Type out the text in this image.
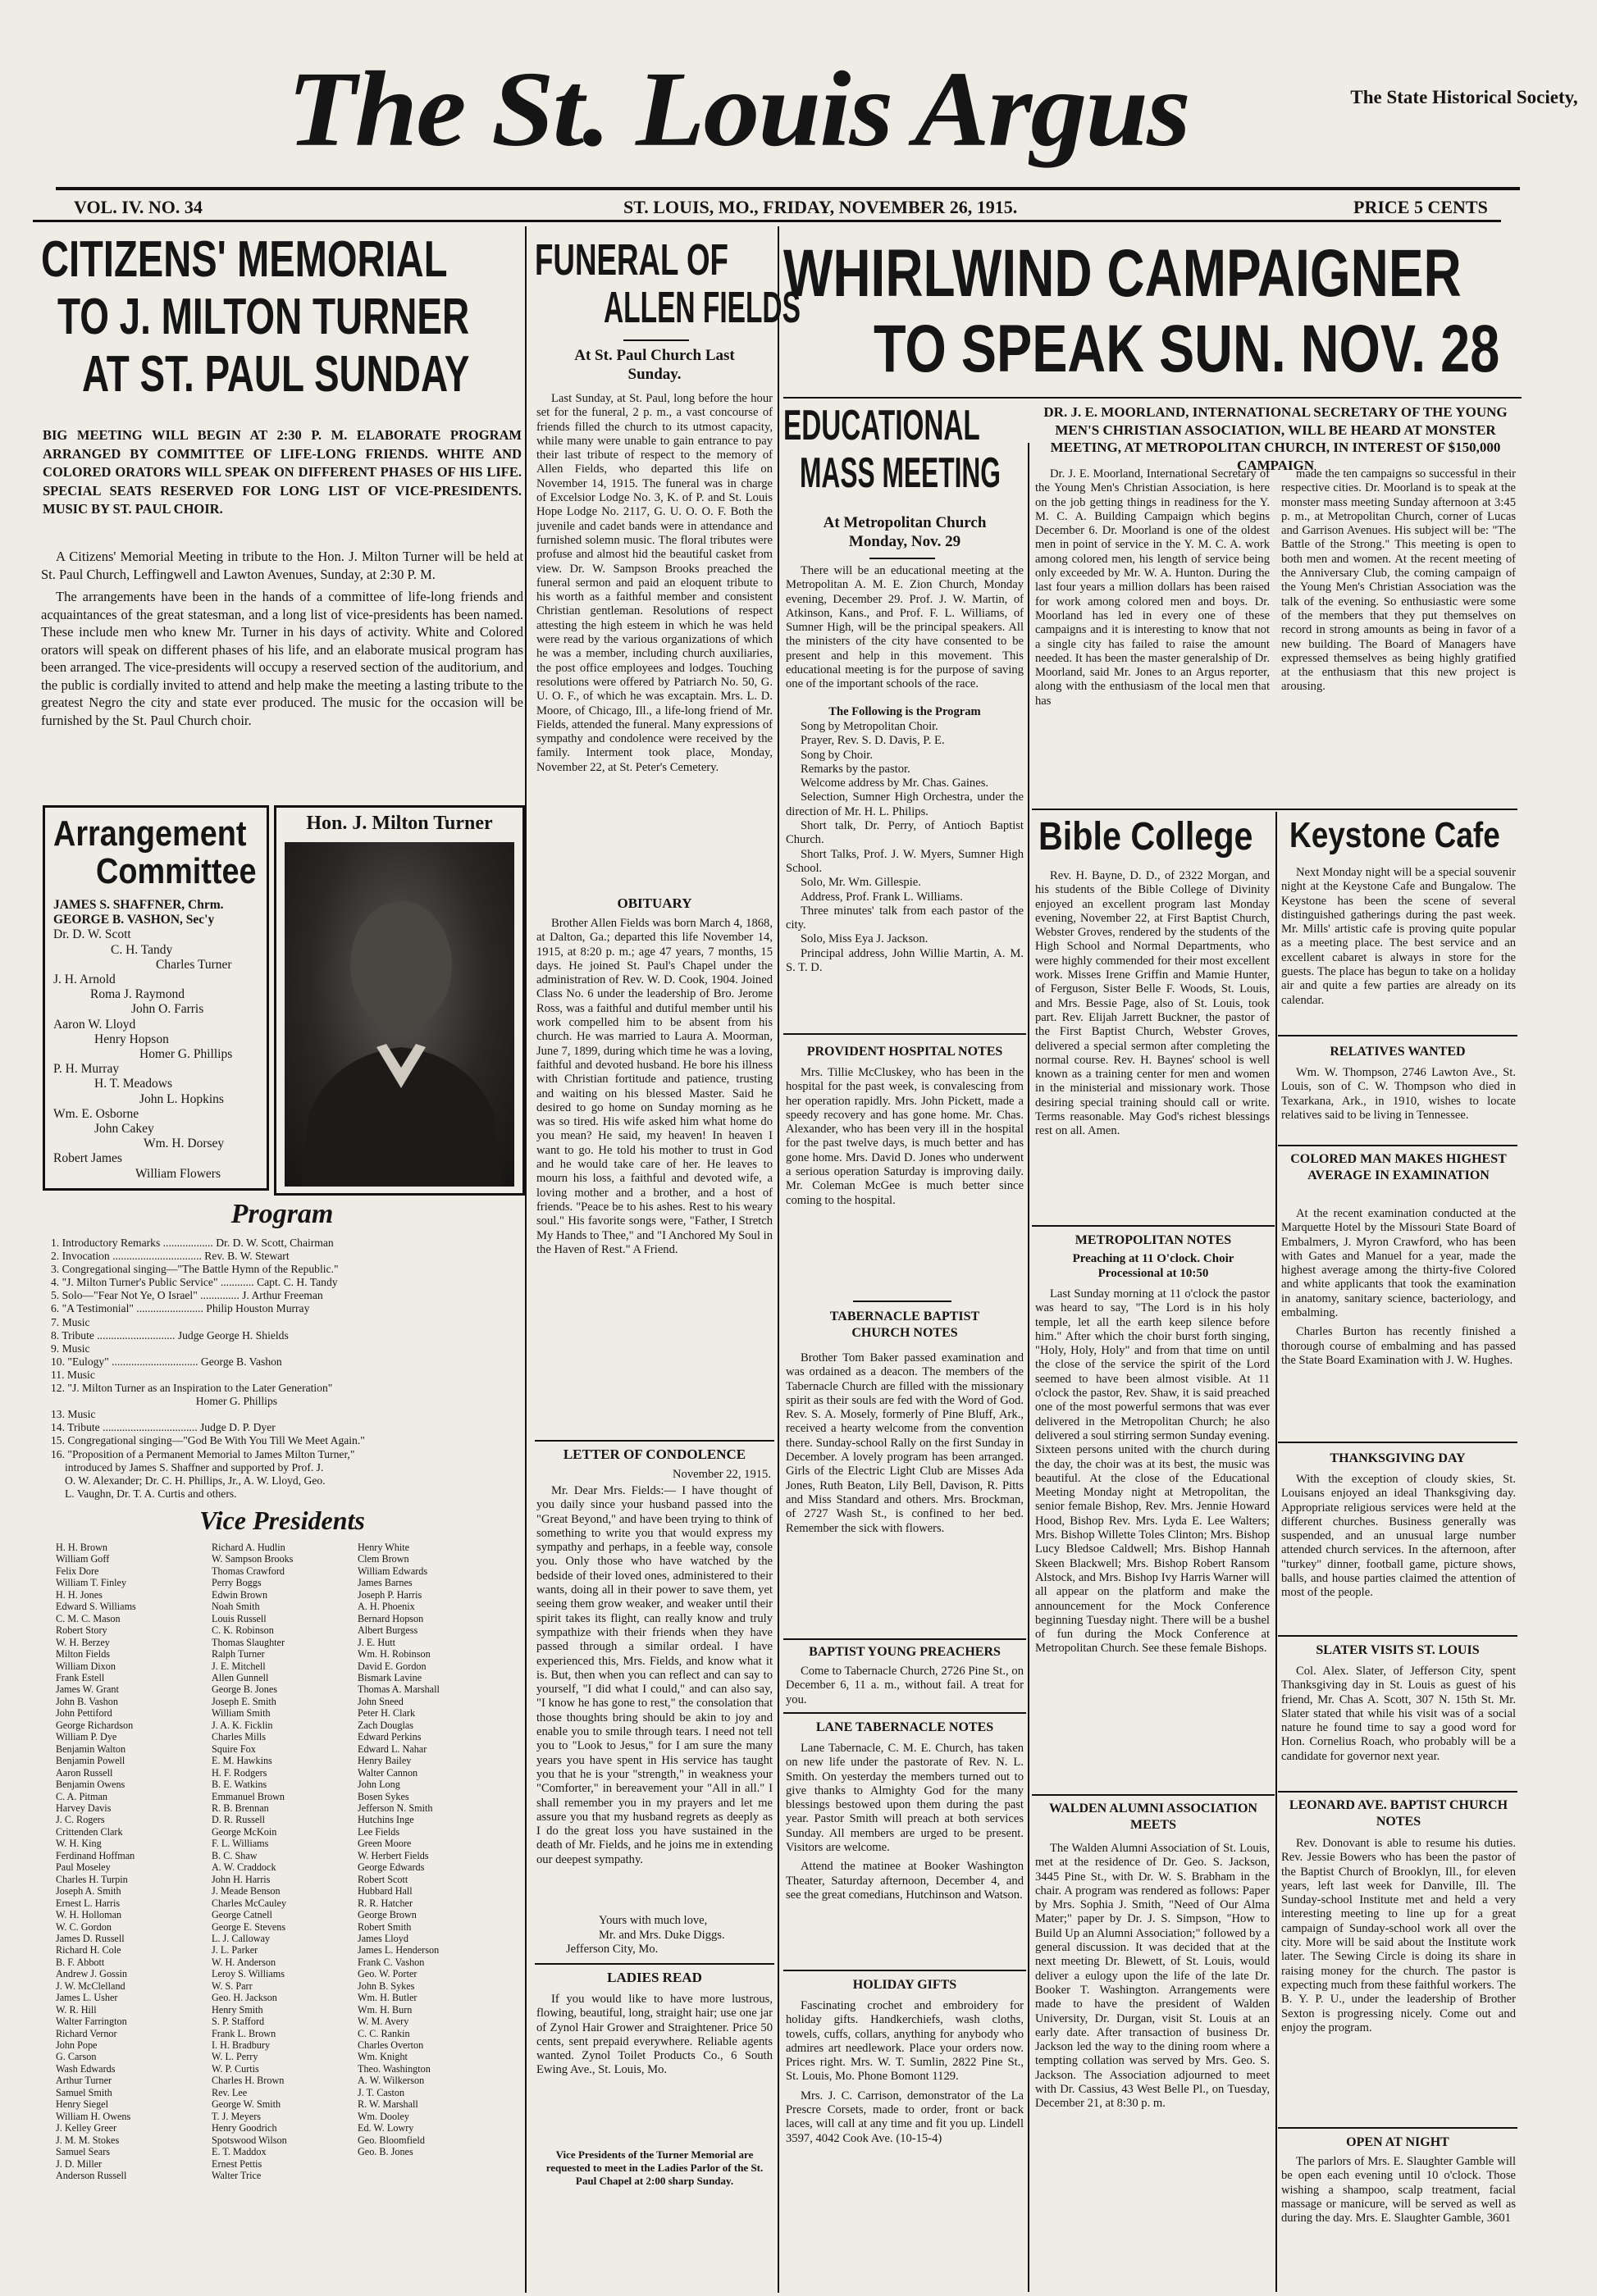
The St. Louis Argus	The State Historical Society,
VOL. IV. NO. 34	ST. LOUIS, MO., FRIDAY, NOVEMBER 26, 1915.	PRICE 5 CENTS
CITIZENS' MEMORIAL
TO J. MILTON TURNER
AT ST. PAUL SUNDAY
BIG MEETING WILL BEGIN AT 2:30 P. M. ELABORATE PROGRAM ARRANGED BY COMMITTEE OF LIFE-LONG FRIENDS. WHITE AND COLORED ORATORS WILL SPEAK ON DIFFERENT PHASES OF HIS LIFE. SPECIAL SEATS RESERVED FOR LONG LIST OF VICE-PRESIDENTS. MUSIC BY ST. PAUL CHOIR.

A Citizens' Memorial Meeting in tribute to the Hon. J. Milton Turner will be held at St. Paul Church, Leffingwell and Lawton Avenues, Sunday, at 2:30 P. M.

The arrangements have been in the hands of a committee of life-long friends and acquaintances of the great statesman, and a long list of vice-presidents has been named. These include men who knew Mr. Turner in his days of activity. White and Colored orators will speak on different phases of his life, and an elaborate musical program has been arranged. The vice-presidents will occupy a reserved section of the auditorium, and the public is cordially invited to attend and help make the meeting a lasting tribute to the greatest Negro the city and state ever produced. The music for the occasion will be furnished by the St. Paul Church choir.

Arrangement
Committee
JAMES S. SHAFFNER, Chrm.
GEORGE B. VASHON, Sec'y
Dr. D. W. Scott
C. H. Tandy
Charles Turner
J. H. Arnold
Roma J. Raymond
John O. Farris
Aaron W. Lloyd
Henry Hopson
Homer G. Phillips
P. H. Murray
H. T. Meadows
John L. Hopkins
Wm. E. Osborne
John Cakey
Wm. H. Dorsey
Robert James
William Flowers
Hon. J. Milton Turner
Program
1. Introductory Remarks .................. Dr. D. W. Scott, Chairman
2. Invocation ................................ Rev. B. W. Stewart
3. Congregational singing—"The Battle Hymn of the Republic."
4. "J. Milton Turner's Public Service" ............ Capt. C. H. Tandy
5. Solo—"Fear Not Ye, O Israel" .............. J. Arthur Freeman
6. "A Testimonial" ........................ Philip Houston Murray
7. Music
8. Tribute ............................ Judge George H. Shields
9. Music
10. "Eulogy" ............................... George B. Vashon
11. Music
12. "J. Milton Turner as an Inspiration to the Later Generation"
Homer G. Phillips
13. Music
14. Tribute .................................. Judge D. P. Dyer
15. Congregational singing—"God Be With You Till We Meet Again."
16. "Proposition of a Permanent Memorial to James Milton Turner,"
introduced by James S. Shaffner and supported by Prof. J.
O. W. Alexander; Dr. C. H. Phillips, Jr., A. W. Lloyd, Geo.
L. Vaughn, Dr. T. A. Curtis and others.
Vice Presidents
H. H. Brown
William Goff
Felix Dore
William T. Finley
H. H. Jones
Edward S. Williams
C. M. C. Mason
Robert Story
W. H. Berzey
Milton Fields
William Dixon
Frank Estell
James W. Grant
John B. Vashon
John Pettiford
George Richardson
William P. Dye
Benjamin Walton
Benjamin Powell
Aaron Russell
Benjamin Owens
C. A. Pitman
Harvey Davis
J. C. Rogers
Crittenden Clark
W. H. King
Ferdinand Hoffman
Paul Moseley
Charles H. Turpin
Joseph A. Smith
Ernest L. Harris
W. H. Holloman
W. C. Gordon
James D. Russell
Richard H. Cole
B. F. Abbott
Andrew J. Gossin
J. W. McClelland
James L. Usher
W. R. Hill
Walter Farrington
Richard Vernor
John Pope
G. Carson
Wash Edwards
Arthur Turner
Samuel Smith
Henry Siegel
William H. Owens
J. Kelley Greer
J. M. M. Stokes
Samuel Sears
J. D. Miller
Anderson Russell
Richard A. Hudlin
W. Sampson Brooks
Thomas Crawford
Perry Boggs
Edwin Brown
Noah Smith
Louis Russell
C. K. Robinson
Thomas Slaughter
Ralph Turner
J. E. Mitchell
Allen Gunnell
George B. Jones
Joseph E. Smith
William Smith
J. A. K. Ficklin
Charles Mills
Squire Fox
E. M. Hawkins
H. F. Rodgers
B. E. Watkins
Emmanuel Brown
R. B. Brennan
D. R. Russell
George McKoin
F. L. Williams
B. C. Shaw
A. W. Craddock
John H. Harris
J. Meade Benson
Charles McCauley
George Catnell
George E. Stevens
L. J. Calloway
J. L. Parker
W. H. Anderson
Leroy S. Williams
W. S. Parr
Geo. H. Jackson
Henry Smith
S. P. Stafford
Frank L. Brown
I. H. Bradbury
W. L. Perry
W. P. Curtis
Charles H. Brown
Rev. Lee
George W. Smith
T. J. Meyers
Henry Goodrich
Spotswood Wilson
E. T. Maddox
Ernest Pettis
Walter Trice
Henry White
Clem Brown
William Edwards
James Barnes
Joseph P. Harris
A. H. Phoenix
Bernard Hopson
Albert Burgess
J. E. Hutt
Wm. H. Robinson
David E. Gordon
Bismark Lavine
Thomas A. Marshall
John Sneed
Peter H. Clark
Zach Douglas
Edward Perkins
Edward L. Nahar
Henry Bailey
Walter Cannon
John Long
Bosen Sykes
Jefferson N. Smith
Hutchins Inge
Lee Fields
Green Moore
W. Herbert Fields
George Edwards
Robert Scott
Hubbard Hall
R. R. Hatcher
George Brown
Robert Smith
James Lloyd
James L. Henderson
Frank C. Vashon
Geo. W. Porter
John B. Sykes
Wm. H. Butler
Wm. H. Burn
W. M. Avery
C. C. Rankin
Charles Overton
Wm. Knight
Theo. Washington
A. W. Wilkerson
J. T. Caston
R. W. Marshall
Wm. Dooley
Ed. W. Lowry
Geo. Bloomfield
Geo. B. Jones
FUNERAL OF
ALLEN FIELDS
At St. Paul Church Last
Sunday.

Last Sunday, at St. Paul, long before the hour set for the funeral, 2 p. m., a vast concourse of friends filled the church to its utmost capacity, while many were unable to gain entrance to pay their last tribute of respect to the memory of Allen Fields, who departed this life on November 14, 1915. The funeral was in charge of Excelsior Lodge No. 3, K. of P. and St. Louis Hope Lodge No. 2117, G. U. O. O. F. Both the juvenile and cadet bands were in attendance and furnished solemn music. The floral tributes were profuse and almost hid the beautiful casket from view. Dr. W. Sampson Brooks preached the funeral sermon and paid an eloquent tribute to his worth as a faithful member and consistent Christian gentleman. Resolutions of respect attesting the high esteem in which he was held were read by the various organizations of which he was a member, including church auxiliaries, the post office employees and lodges. Touching resolutions were offered by Patriarch No. 50, G. U. O. F., of which he was excaptain. Mrs. L. D. Moore, of Chicago, Ill., a life-long friend of Mr. Fields, attended the funeral. Many expressions of sympathy and condolence were received by the family. Interment took place, Monday, November 22, at St. Peter's Cemetery.

OBITUARY

Brother Allen Fields was born March 4, 1868, at Dalton, Ga.; departed this life November 14, 1915, at 8:20 p. m.; age 47 years, 7 months, 15 days. He joined St. Paul's Chapel under the administration of Rev. W. D. Cook, 1904. Joined Class No. 6 under the leadership of Bro. Jerome Ross, was a faithful and dutiful member until his work compelled him to be absent from his church. He was married to Laura A. Moorman, June 7, 1899, during which time he was a loving, faithful and devoted husband. He bore his illness with Christian fortitude and patience, trusting and waiting on his blessed Master. Said he desired to go home on Sunday morning as he was so tired. His wife asked him what home do you mean? He said, my heaven! In heaven I want to go. He told his mother to trust in God and he would take care of her. He leaves to mourn his loss, a faithful and devoted wife, a loving mother and a brother, and a host of friends. "Peace be to his ashes. Rest to his weary soul." His favorite songs were, "Father, I Stretch My Hands to Thee," and "I Anchored My Soul in the Haven of Rest." A Friend.

LETTER OF CONDOLENCE
November 22, 1915.

Mr. Dear Mrs. Fields:— I have thought of you daily since your husband passed into the "Great Beyond," and have been trying to think of something to write you that would express my sympathy and perhaps, in a feeble way, console you. Only those who have watched by the bedside of their loved ones, administered to their wants, doing all in their power to save them, yet seeing them grow weaker, and weaker until their spirit takes its flight, can really know and truly sympathize with their friends when they have passed through a similar ordeal. I have experienced this, Mrs. Fields, and know what it is. But, then when you can reflect and can say to yourself, "I did what I could," and can also say, "I know he has gone to rest," the consolation that those thoughts bring should be akin to joy and enable you to smile through tears. I need not tell you to "Look to Jesus," for I am sure the many years you have spent in His service has taught you that he is your "strength," in weakness your "Comforter," in bereavement your "All in all." I shall remember you in my prayers and let me assure you that my husband regrets as deeply as I do the great loss you have sustained in the death of Mr. Fields, and he joins me in extending our deepest sympathy.

Yours with much love,
Mr. and Mrs. Duke Diggs.
Jefferson City, Mo.
LADIES READ

If you would like to have more lustrous, flowing, beautiful, long, straight hair; use one jar of Zynol Hair Grower and Straightener. Price 50 cents, sent prepaid everywhere. Reliable agents wanted. Zynol Toilet Products Co., 6 South Ewing Ave., St. Louis, Mo.

Vice Presidents of the Turner Memorial are requested to meet in the Ladies Parlor of the St. Paul Chapel at 2:00 sharp Sunday.

WHIRLWIND CAMPAIGNER
TO SPEAK SUN. NOV. 28
EDUCATIONAL
MASS MEETING
At Metropolitan Church
Monday, Nov. 29

There will be an educational meeting at the Metropolitan A. M. E. Zion Church, Monday evening, December 29. Prof. J. W. Martin, of Atkinson, Kans., and Prof. F. L. Williams, of Sumner High, will be the principal speakers. All the ministers of the city have consented to be present and help in this movement. This educational meeting is for the purpose of saving one of the important schools of the race.

The Following is the Program

Song by Metropolitan Choir.

Prayer, Rev. S. D. Davis, P. E.

Song by Choir.

Remarks by the pastor.

Welcome address by Mr. Chas. Gaines.

Selection, Sumner High Orchestra, under the direction of Mr. H. L. Philips.

Short talk, Dr. Perry, of Antioch Baptist Church.

Short Talks, Prof. J. W. Myers, Sumner High School.

Solo, Mr. Wm. Gillespie.

Address, Prof. Frank L. Williams.

Three minutes' talk from each pastor of the city.

Solo, Miss Eya J. Jackson.

Principal address, John Willie Martin, A. M. S. T. D.

PROVIDENT HOSPITAL NOTES

Mrs. Tillie McCluskey, who has been in the hospital for the past week, is convalescing from her operation rapidly. Mrs. John Pickett, made a speedy recovery and has gone home. Mr. Chas. Alexander, who has been very ill in the hospital for the past twelve days, is much better and has gone home. Mrs. David D. Jones who underwent a serious operation Saturday is improving daily. Mr. Coleman McGee is much better since coming to the hospital.

TABERNACLE BAPTIST CHURCH NOTES

Brother Tom Baker passed examination and was ordained as a deacon. The members of the Tabernacle Church are filled with the missionary spirit as their souls are fed with the Word of God. Rev. S. A. Mosely, formerly of Pine Bluff, Ark., received a hearty welcome from the convention there. Sunday-school Rally on the first Sunday in December. A lovely program has been arranged. Girls of the Electric Light Club are Misses Ada Jones, Ruth Beaton, Lily Bell, Davison, R. Pitts and Miss Standard and others. Mrs. Brockman, of 2727 Wash St., is confined to her bed. Remember the sick with flowers.

BAPTIST YOUNG PREACHERS

Come to Tabernacle Church, 2726 Pine St., on December 6, 11 a. m., without fail. A treat for you.

LANE TABERNACLE NOTES

Lane Tabernacle, C. M. E. Church, has taken on new life under the pastorate of Rev. N. L. Smith. On yesterday the members turned out to give thanks to Almighty God for the many blessings bestowed upon them during the past year. Pastor Smith will preach at both services Sunday. All members are urged to be present. Visitors are welcome.

Attend the matinee at Booker Washington Theater, Saturday afternoon, December 4, and see the great comedians, Hutchinson and Watson.

HOLIDAY GIFTS

Fascinating crochet and embroidery for holiday gifts. Handkerchiefs, wash cloths, towels, cuffs, collars, anything for anybody who admires art needlework. Place your orders now. Prices right. Mrs. W. T. Sumlin, 2822 Pine St., St. Louis, Mo. Phone Bomont 1129.

Mrs. J. C. Carrison, demonstrator of the La Prescre Corsets, made to order, front or back laces, will call at any time and fit you up. Lindell 3597, 4042 Cook Ave. (10-15-4)

DR. J. E. MOORLAND, INTERNATIONAL SECRETARY OF THE YOUNG MEN'S CHRISTIAN ASSOCIATION, WILL BE HEARD AT MONSTER MEETING, AT METROPOLITAN CHURCH, IN INTEREST OF $150,000 CAMPAIGN

Dr. J. E. Moorland, International Secretary of the Young Men's Christian Association, is here on the job getting things in readiness for the Y. M. C. A. Building Campaign which begins December 6. Dr. Moorland is one of the oldest men in point of service in the Y. M. C. A. work among colored men, his length of service being only exceeded by Mr. W. A. Hunton. During the last four years a million dollars has been raised for work among colored men and boys. Dr. Moorland has led in every one of these campaigns and it is interesting to know that not a single city has failed to raise the amount needed. It has been the master generalship of Dr. Moorland, said Mr. Jones to an Argus reporter, along with the enthusiasm of the local men that has

made the ten campaigns so successful in their respective cities. Dr. Moorland is to speak at the monster mass meeting Sunday afternoon at 3:45 p. m., at Metropolitan Church, corner of Lucas and Garrison Avenues. His subject will be: "The Battle of the Strong." This meeting is open to both men and women. At the recent meeting of the Anniversary Club, the coming campaign of the Young Men's Christian Association was the talk of the evening. So enthusiastic were some of the members that they put themselves on record in strong amounts as being in favor of a new building. The Board of Managers have expressed themselves as being highly gratified at the enthusiasm that this new project is arousing.

Bible College

Rev. H. Bayne, D. D., of 2322 Morgan, and his students of the Bible College of Divinity enjoyed an excellent program last Monday evening, November 22, at First Baptist Church, Webster Groves, rendered by the students of the High School and Normal Departments, who were highly commended for their most excellent work. Misses Irene Griffin and Mamie Hunter, of Ferguson, Sister Belle F. Woods, St. Louis, and Mrs. Bessie Page, also of St. Louis, took part. Rev. Elijah Jarrett Buckner, the pastor of the First Baptist Church, Webster Groves, delivered a special sermon after completing the normal course. Rev. H. Baynes' school is well known as a training center for men and women in the ministerial and missionary work. Those desiring special training should call or write. Terms reasonable. May God's richest blessings rest on all. Amen.

METROPOLITAN NOTES
Preaching at 11 O'clock. Choir Processional at 10:50

Last Sunday morning at 11 o'clock the pastor was heard to say, "The Lord is in his holy temple, let all the earth keep silence before him." After which the choir burst forth singing, "Holy, Holy, Holy" and from that time on until the close of the service the spirit of the Lord seemed to have been almost visible. At 11 o'clock the pastor, Rev. Shaw, it is said preached one of the most powerful sermons that was ever delivered in the Metropolitan Church; he also delivered a soul stirring sermon Sunday evening. Sixteen persons united with the church during the day, the choir was at its best, the music was beautiful. At the close of the Educational Meeting Monday night at Metropolitan, the senior female Bishop, Rev. Mrs. Jennie Howard Hood, Bishop Rev. Mrs. Lyda E. Lee Walters; Mrs. Bishop Willette Toles Clinton; Mrs. Bishop Lucy Bledsoe Caldwell; Mrs. Bishop Hannah Skeen Blackwell; Mrs. Bishop Robert Ransom Alstock, and Mrs. Bishop Ivy Harris Warner will all appear on the platform and make the announcement for the Mock Conference beginning Tuesday night. There will be a bushel of fun during the Mock Conference at Metropolitan Church. See these female Bishops.

WALDEN ALUMNI ASSOCIATION MEETS

The Walden Alumni Association of St. Louis, met at the residence of Dr. Geo. S. Jackson, 3445 Pine St., with Dr. W. S. Brabham in the chair. A program was rendered as follows: Paper by Mrs. Sophia J. Smith, "Need of Our Alma Mater;" paper by Dr. J. S. Simpson, "How to Build Up an Alumni Association;" followed by a general discussion. It was decided that at the next meeting Dr. Blewett, of St. Louis, would deliver a eulogy upon the life of the late Dr. Booker T. Washington. Arrangements were made to have the president of Walden University, Dr. Durgan, visit St. Louis at an early date. After transaction of business Dr. Jackson led the way to the dining room where a tempting collation was served by Mrs. Geo. S. Jackson. The Association adjourned to meet with Dr. Cassius, 43 West Belle Pl., on Tuesday, December 21, at 8:30 p. m.

Keystone Cafe

Next Monday night will be a special souvenir night at the Keystone Cafe and Bungalow. The Keystone has been the scene of several distinguished gatherings during the past week. Mr. Mills' artistic cafe is proving quite popular as a meeting place. The best service and an excellent cabaret is always in store for the guests. The place has begun to take on a holiday air and quite a few parties are already on its calendar.

RELATIVES WANTED

Wm. W. Thompson, 2746 Lawton Ave., St. Louis, son of C. W. Thompson who died in Texarkana, Ark., in 1910, wishes to locate relatives said to be living in Tennessee.

COLORED MAN MAKES HIGHEST AVERAGE IN EXAMINATION

At the recent examination conducted at the Marquette Hotel by the Missouri State Board of Embalmers, J. Myron Crawford, who has been with Gates and Manuel for a year, made the highest average among the thirty-five Colored and white applicants that took the examination in anatomy, sanitary science, bacteriology, and embalming.

Charles Burton has recently finished a thorough course of embalming and has passed the State Board Examination with J. W. Hughes.

THANKSGIVING DAY

With the exception of cloudy skies, St. Louisans enjoyed an ideal Thanksgiving day. Appropriate religious services were held at the different churches. Business generally was suspended, and an unusual large number attended church services. In the afternoon, after "turkey" dinner, football game, picture shows, balls, and house parties claimed the attention of most of the people.

SLATER VISITS ST. LOUIS

Col. Alex. Slater, of Jefferson City, spent Thanksgiving day in St. Louis as guest of his friend, Mr. Chas A. Scott, 307 N. 15th St. Mr. Slater stated that while his visit was of a social nature he found time to say a good word for Hon. Cornelius Roach, who probably will be a candidate for governor next year.

LEONARD AVE. BAPTIST CHURCH NOTES

Rev. Donovant is able to resume his duties. Rev. Jessie Bowers who has been the pastor of the Baptist Church of Brooklyn, Ill., for eleven years, left last week for Danville, Ill. The Sunday-school Institute met and held a very interesting meeting to line up for a great campaign of Sunday-school work all over the city. More will be said about the Institute work later. The Sewing Circle is doing its share in raising money for the church. The pastor is expecting much from these faithful workers. The B. Y. P. U., under the leadership of Brother Sexton is progressing nicely. Come out and enjoy the program.

OPEN AT NIGHT

The parlors of Mrs. E. Slaughter Gamble will be open each evening until 10 o'clock. Those wishing a shampoo, scalp treatment, facial massage or manicure, will be served as well as during the day. Mrs. E. Slaughter Gamble, 3601
